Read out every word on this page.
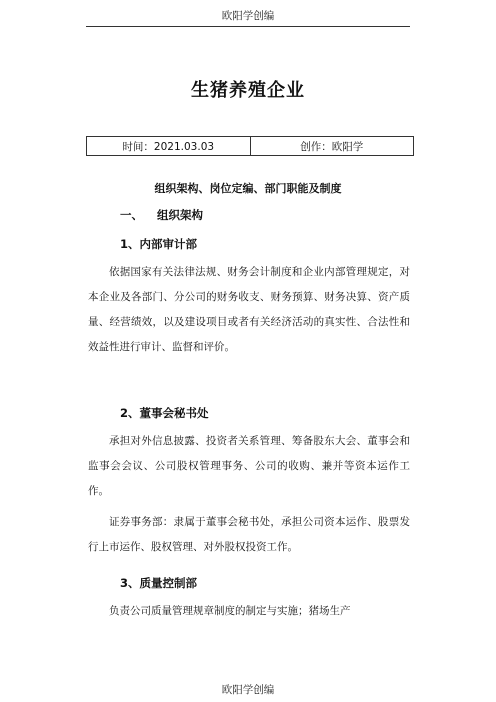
欧阳学创编
生猪养殖企业
时间：2021.03.03	创作：欧阳学
组织架构、岗位定编、部门职能及制度
一、 组织架构
1、内部审计部

依据国家有关法律法规、财务会计制度和企业内部管理规定，对本企业及各部门、分公司的财务收支、财务预算、财务决算、资产质量、经营绩效，以及建设项目或者有关经济活动的真实性、合法性和效益性进行审计、监督和评价。

2、董事会秘书处

承担对外信息披露、投资者关系管理、筹备股东大会、董事会和监事会会议、公司股权管理事务、公司的收购、兼并等资本运作工作。

证券事务部：隶属于董事会秘书处，承担公司资本运作、股票发行上市运作、股权管理、对外股权投资工作。

3、质量控制部

负责公司质量管理规章制度的制定与实施；猪场生产

欧阳学创编
